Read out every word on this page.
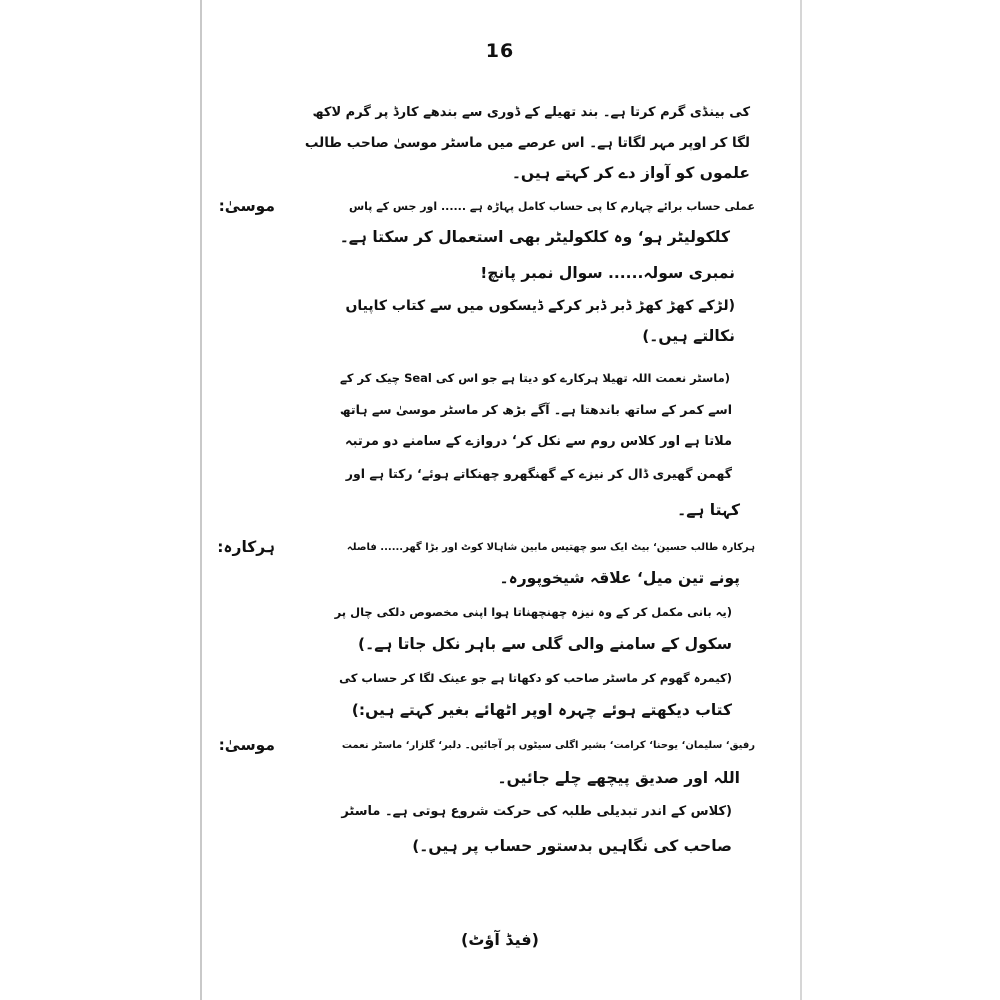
16
موسیٰ:
ہرکارہ:
موسیٰ:
کی بینڈی گرم کرتا ہے۔ بند تھیلے کے ڈوری سے بندھے کارڈ پر گرم لاکھ
لگا کر اوپر مہر لگاتا ہے۔ اس عرصے میں ماسٹر موسیٰ صاحب طالب
علموں کو آواز دے کر کہتے ہیں۔
عملی حساب برائے چہارم کا پی حساب کامل پہاڑہ ہے ...... اور جس کے پاس
کلکولیٹر ہو‘ وہ کلکولیٹر بھی استعمال کر سکتا ہے۔
نمبری سولہ...... سوال نمبر پانچ!
(لڑکے کھڑ کھڑ ڈبر ڈبر کرکے ڈیسکوں میں سے کتاب کاپیاں
نکالتے ہیں۔)
(ماسٹر نعمت اللہ تھیلا ہرکارے کو دیتا ہے جو اس کی Seal چیک کر کے
اسے کمر کے ساتھ باندھتا ہے۔ آگے بڑھ کر ماسٹر موسیٰ سے ہاتھ
ملاتا ہے اور کلاس روم سے نکل کر‘ دروازے کے سامنے دو مرتبہ
گھمن گھیری ڈال کر نیزے کے گھنگھرو چھنکاتے ہوئے‘ رکتا ہے اور
کہتا ہے۔
ہرکارہ طالب حسین‘ بیٹ ایک سو چھتیس مابین شاہالا کوٹ اور بڑا گھر...... فاصلہ
پونے تین میل‘ علاقہ شیخوپورہ۔
(یہ بانی مکمل کر کے وہ نیزہ چھنچھناتا ہوا اپنی مخصوص دلکی چال پر
سکول کے سامنے والی گلی سے باہر نکل جاتا ہے۔)
(کیمرہ گھوم کر ماسٹر صاحب کو دکھاتا ہے جو عینک لگا کر حساب کی
کتاب دیکھتے ہوئے چہرہ اوپر اٹھائے بغیر کہتے ہیں:)
رفیق‘ سلیمان‘ یوحنا‘ کرامت‘ بشیر اگلی سیٹوں پر آجائیں۔ دلبر‘ گلزار‘ ماسٹر نعمت
اللہ اور صدیق پیچھے چلے جائیں۔
(کلاس کے اندر تبدیلی طلبہ کی حرکت شروع ہوتی ہے۔ ماسٹر
صاحب کی نگاہیں بدستور حساب پر ہیں۔)
(فیڈ آؤٹ)
